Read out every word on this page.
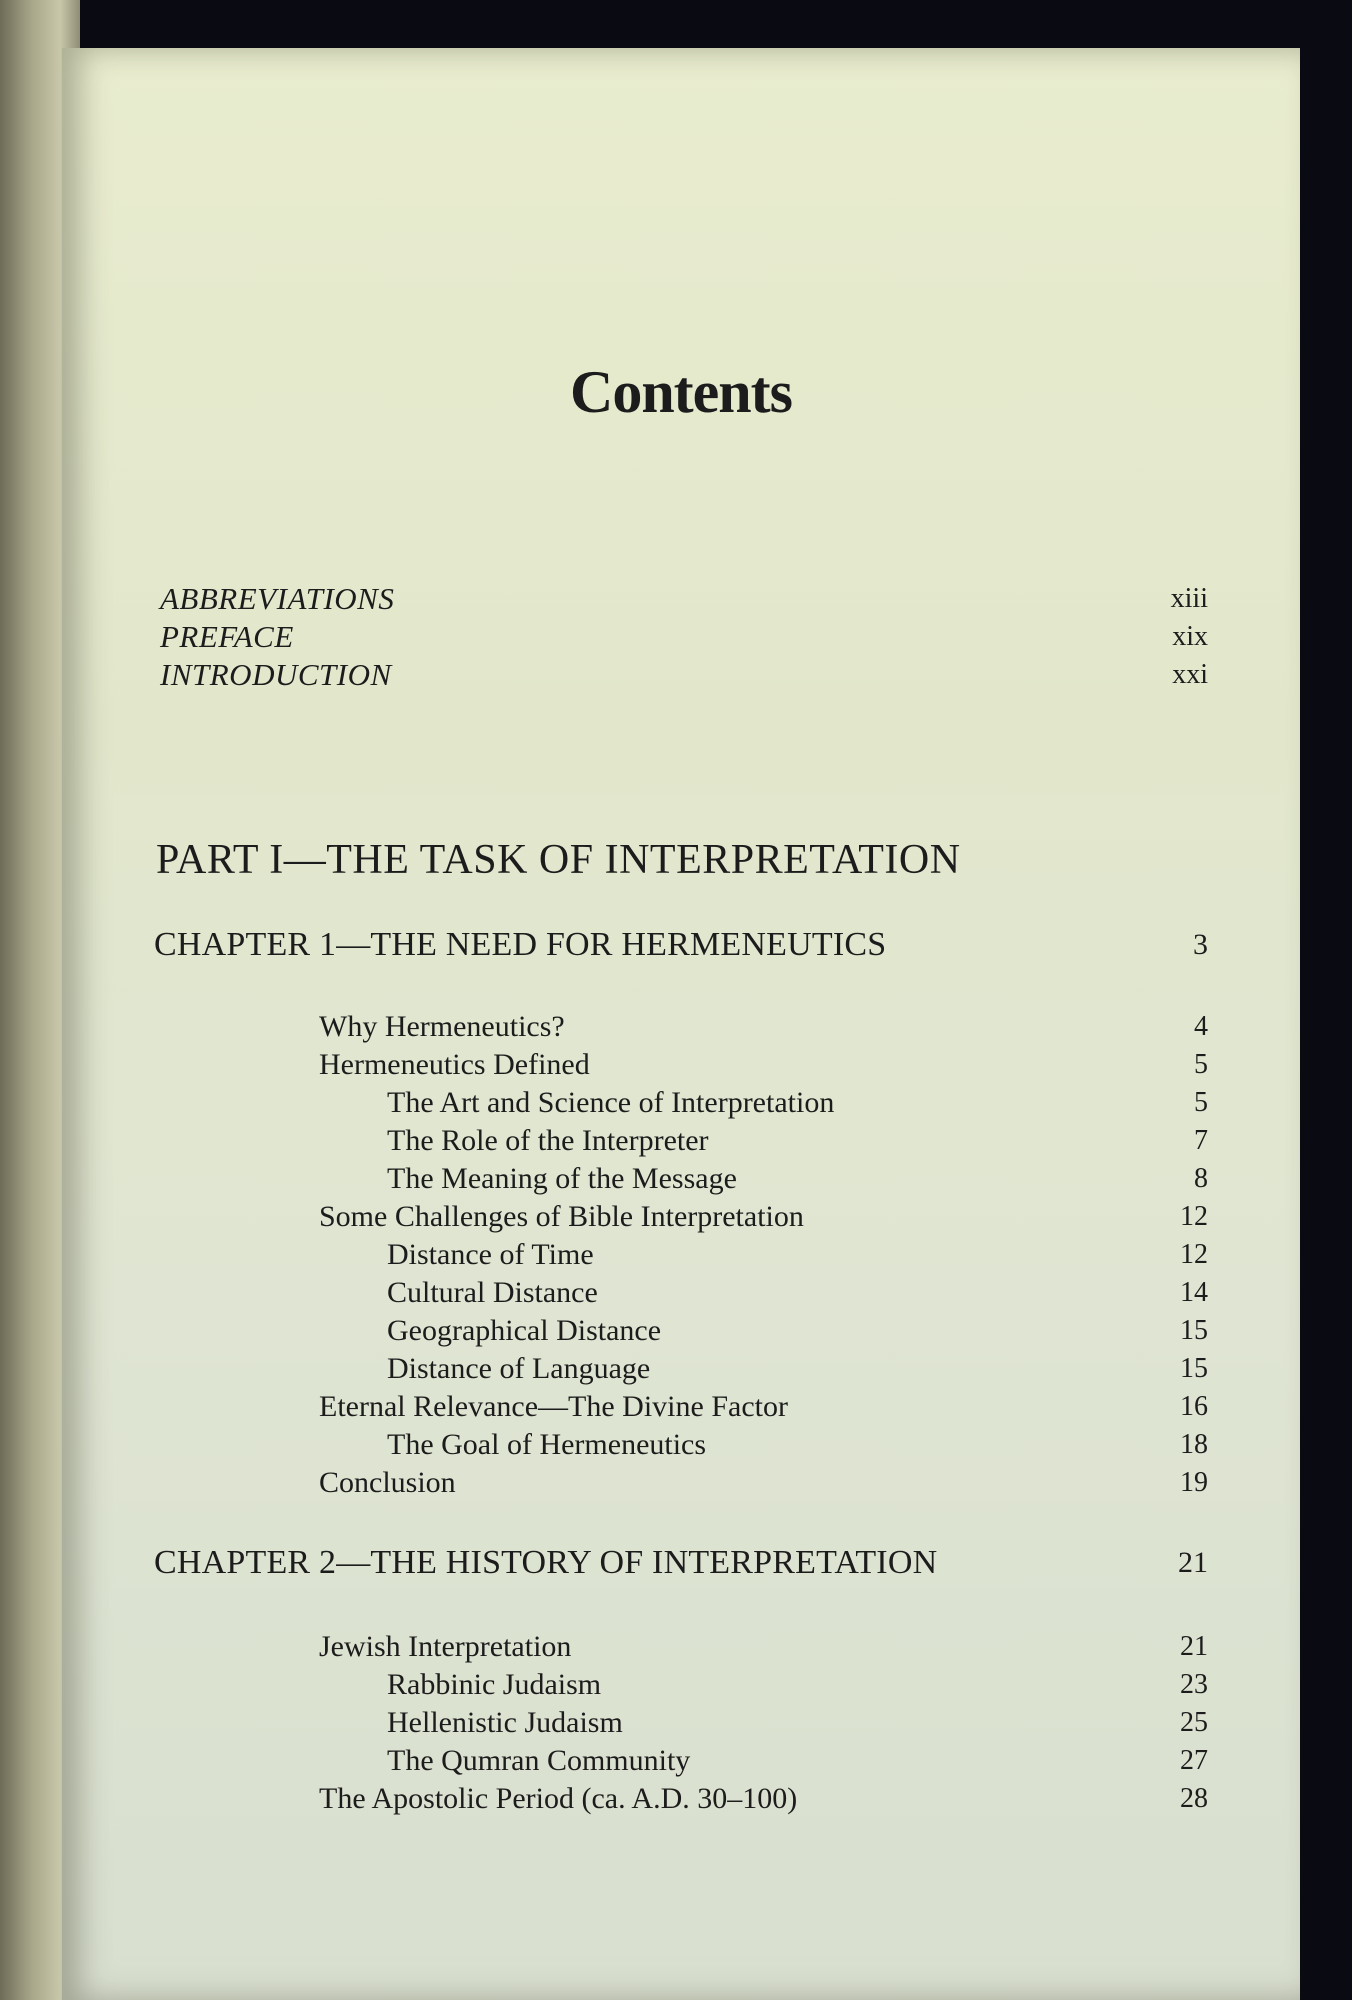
Contents
ABBREVIATIONS	xiii
PREFACE	xix
INTRODUCTION	xxi
PART I—THE TASK OF INTERPRETATION
CHAPTER 1—THE NEED FOR HERMENEUTICS	3
Why Hermeneutics?	4
Hermeneutics Defined	5
The Art and Science of Interpretation	5
The Role of the Interpreter	7
The Meaning of the Message	8
Some Challenges of Bible Interpretation	12
Distance of Time	12
Cultural Distance	14
Geographical Distance	15
Distance of Language	15
Eternal Relevance—The Divine Factor	16
The Goal of Hermeneutics	18
Conclusion	19
CHAPTER 2—THE HISTORY OF INTERPRETATION	21
Jewish Interpretation	21
Rabbinic Judaism	23
Hellenistic Judaism	25
The Qumran Community	27
The Apostolic Period (ca. A.D. 30–100)	28
